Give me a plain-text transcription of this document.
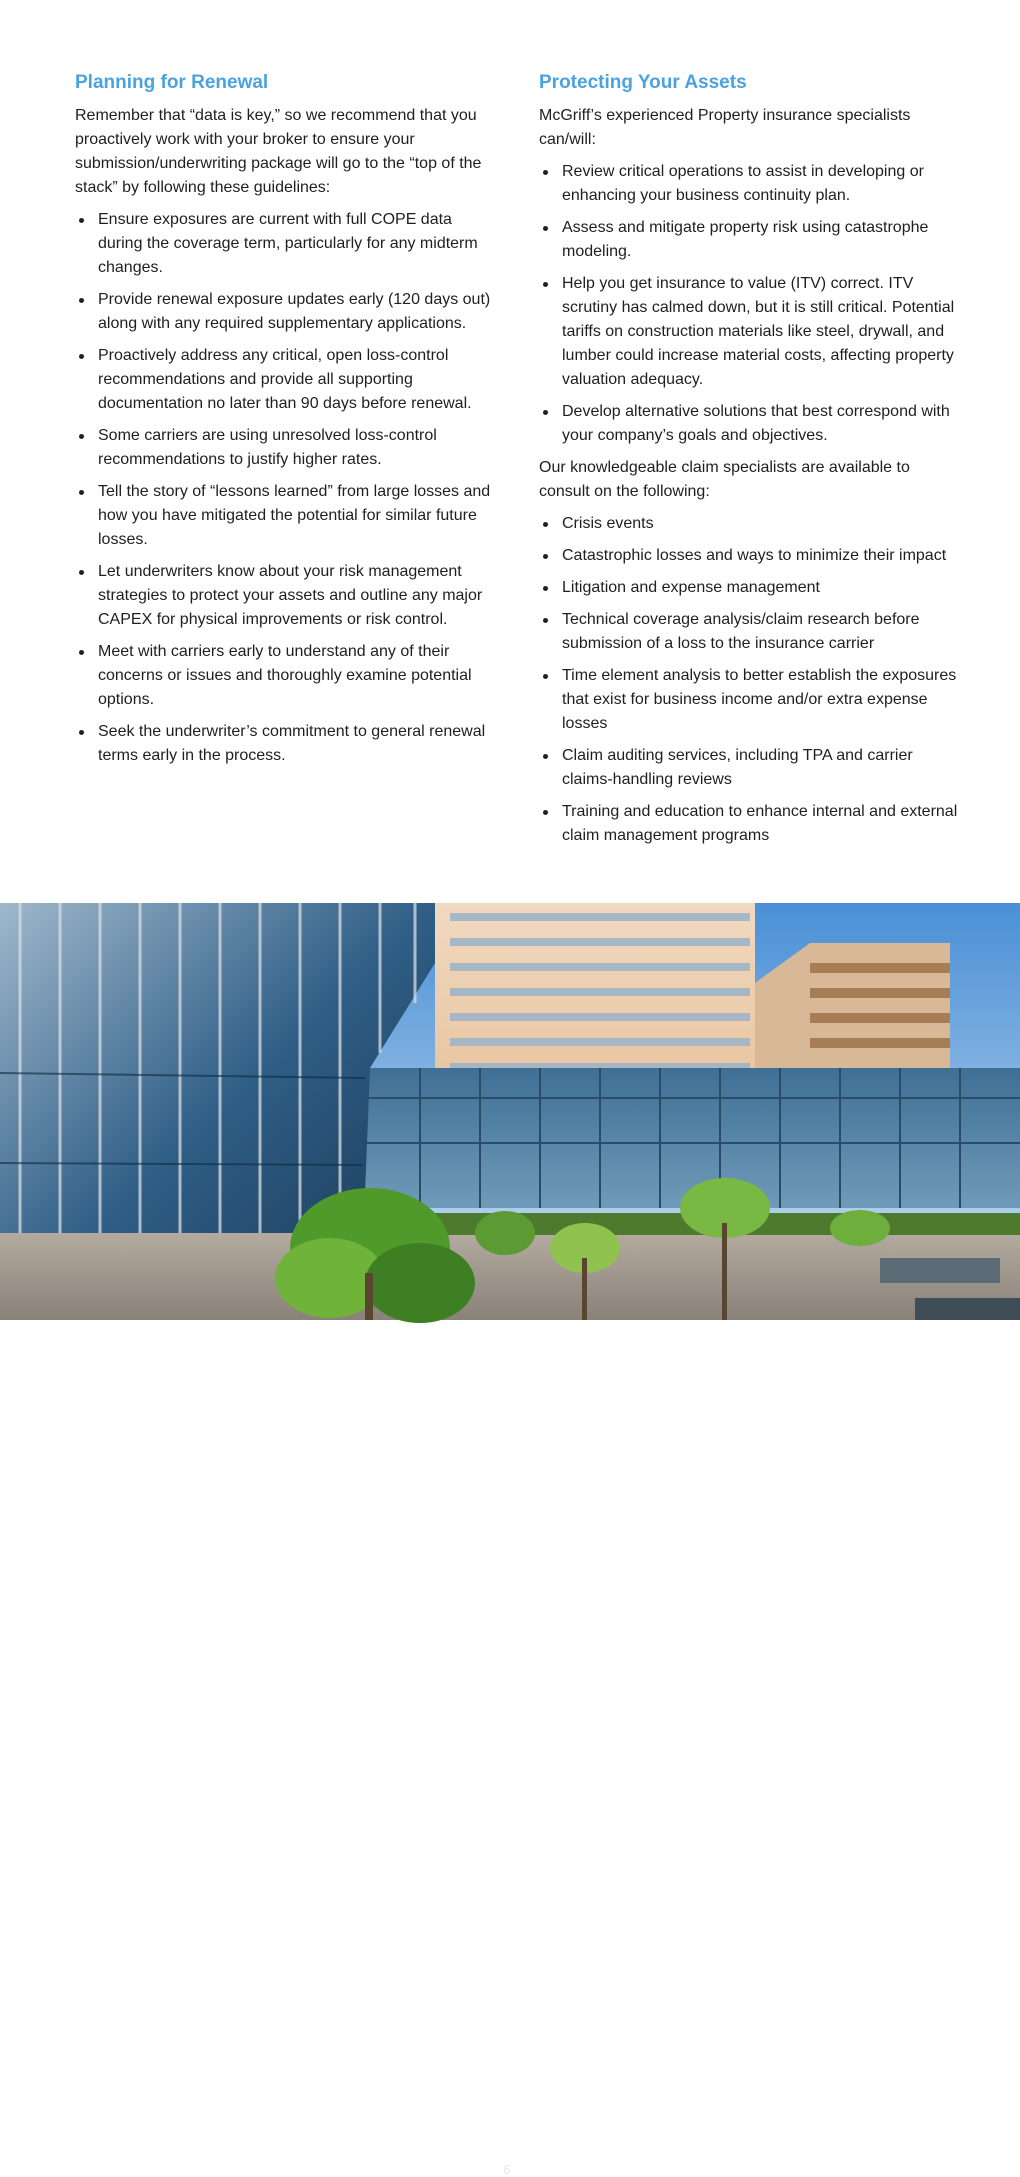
Planning for Renewal

Remember that “data is key,” so we recommend that you proactively work with your broker to ensure your submission/underwriting package will go to the “top of the stack” by following these guidelines:

Ensure exposures are current with full COPE data during the coverage term, particularly for any midterm changes.
Provide renewal exposure updates early (120 days out) along with any required supplementary applications.
Proactively address any critical, open loss-control recommendations and provide all supporting documentation no later than 90 days before renewal.
Some carriers are using unresolved loss-control recommendations to justify higher rates.
Tell the story of “lessons learned” from large losses and how you have mitigated the potential for similar future losses.
Let underwriters know about your risk management strategies to protect your assets and outline any major CAPEX for physical improvements or risk control.
Meet with carriers early to understand any of their concerns or issues and thoroughly examine potential options.
Seek the underwriter’s commitment to general renewal terms early in the process.
Protecting Your Assets

McGriff’s experienced Property insurance specialists can/will:

Review critical operations to assist in developing or enhancing your business continuity plan.
Assess and mitigate property risk using catastrophe modeling.
Help you get insurance to value (ITV) correct. ITV scrutiny has calmed down, but it is still critical. Potential tariffs on construction materials like steel, drywall, and lumber could increase material costs, affecting property valuation adequacy.
Develop alternative solutions that best correspond with your company’s goals and objectives.

Our knowledgeable claim specialists are available to consult on the following:

Crisis events
Catastrophic losses and ways to minimize their impact
Litigation and expense management
Technical coverage analysis/claim research before submission of a loss to the insurance carrier
Time element analysis to better establish the exposures that exist for business income and/or extra expense losses
Claim auditing services, including TPA and carrier claims-handling reviews
Training and education to enhance internal and external claim management programs
6
